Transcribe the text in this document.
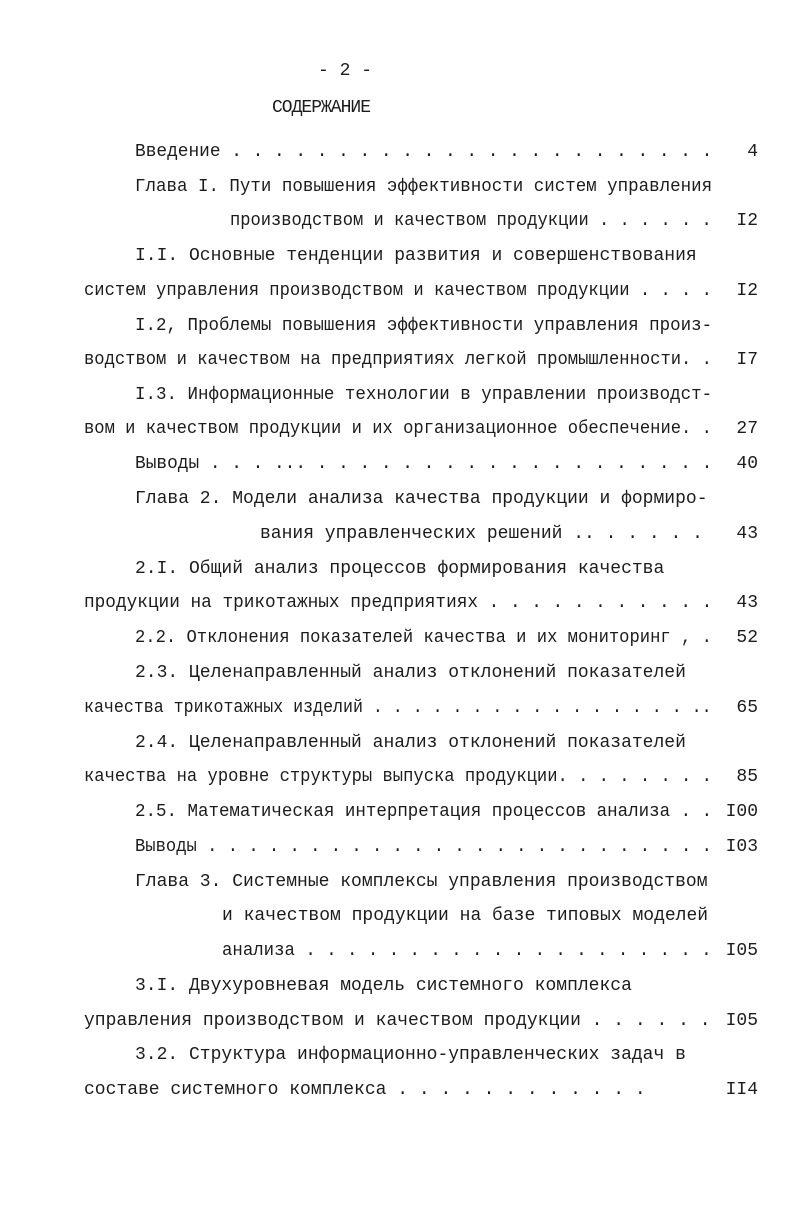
- 2 -
СОДЕРЖАНИЕ
Введение . . . . . . . . . . . . . . . . . . . . . . . 4
Глава I. Пути повышения эффективности систем управления
производством и качеством продукции . . . . . . I2
I.I. Основные тенденции развития и совершенствования
систем управления производством и качеством продукции . . . . I2
I.2, Проблемы повышения эффективности управления произ-
водством и качеством на предприятиях легкой промышленности. . I7
I.3. Информационные технологии в управлении производст-
вом и качеством продукции и их организационное обеспечение. . 27
Выводы . . . ... . . . . . . . . . . . . . . . . . . . 40
Глава 2. Модели анализа качества продукции и формиро-
вания управленческих решений .. . . . . . 43
2.I. Общий анализ процессов формирования качества
продукции на трикотажных предприятиях . . . . . . . . . . . 43
2.2. Отклонения показателей качества и их мониторинг , . 52
2.3. Целенаправленный анализ отклонений показателей
качества трикотажных изделий . . . . . . . . . . . . . . . . .. 65
2.4. Целенаправленный анализ отклонений показателей
качества на уровне структуры выпуска продукции. . . . . . . . 85
2.5. Математическая интерпретация процессов анализа . . I00
Выводы . . . . . . . . . . . . . . . . . . . . . . . . . I03
Глава 3. Системные комплексы управления производством
и качеством продукции на базе типовых моделей
анализа . . . . . . . . . . . . . . . . . . . . I05
3.I. Двухуровневая модель системного комплекса
управления производством и качеством продукции . . . . . . I05
3.2. Структура информационно-управленческих задач в
составе системного комплекса . . . . . . . . . . . .	II4
